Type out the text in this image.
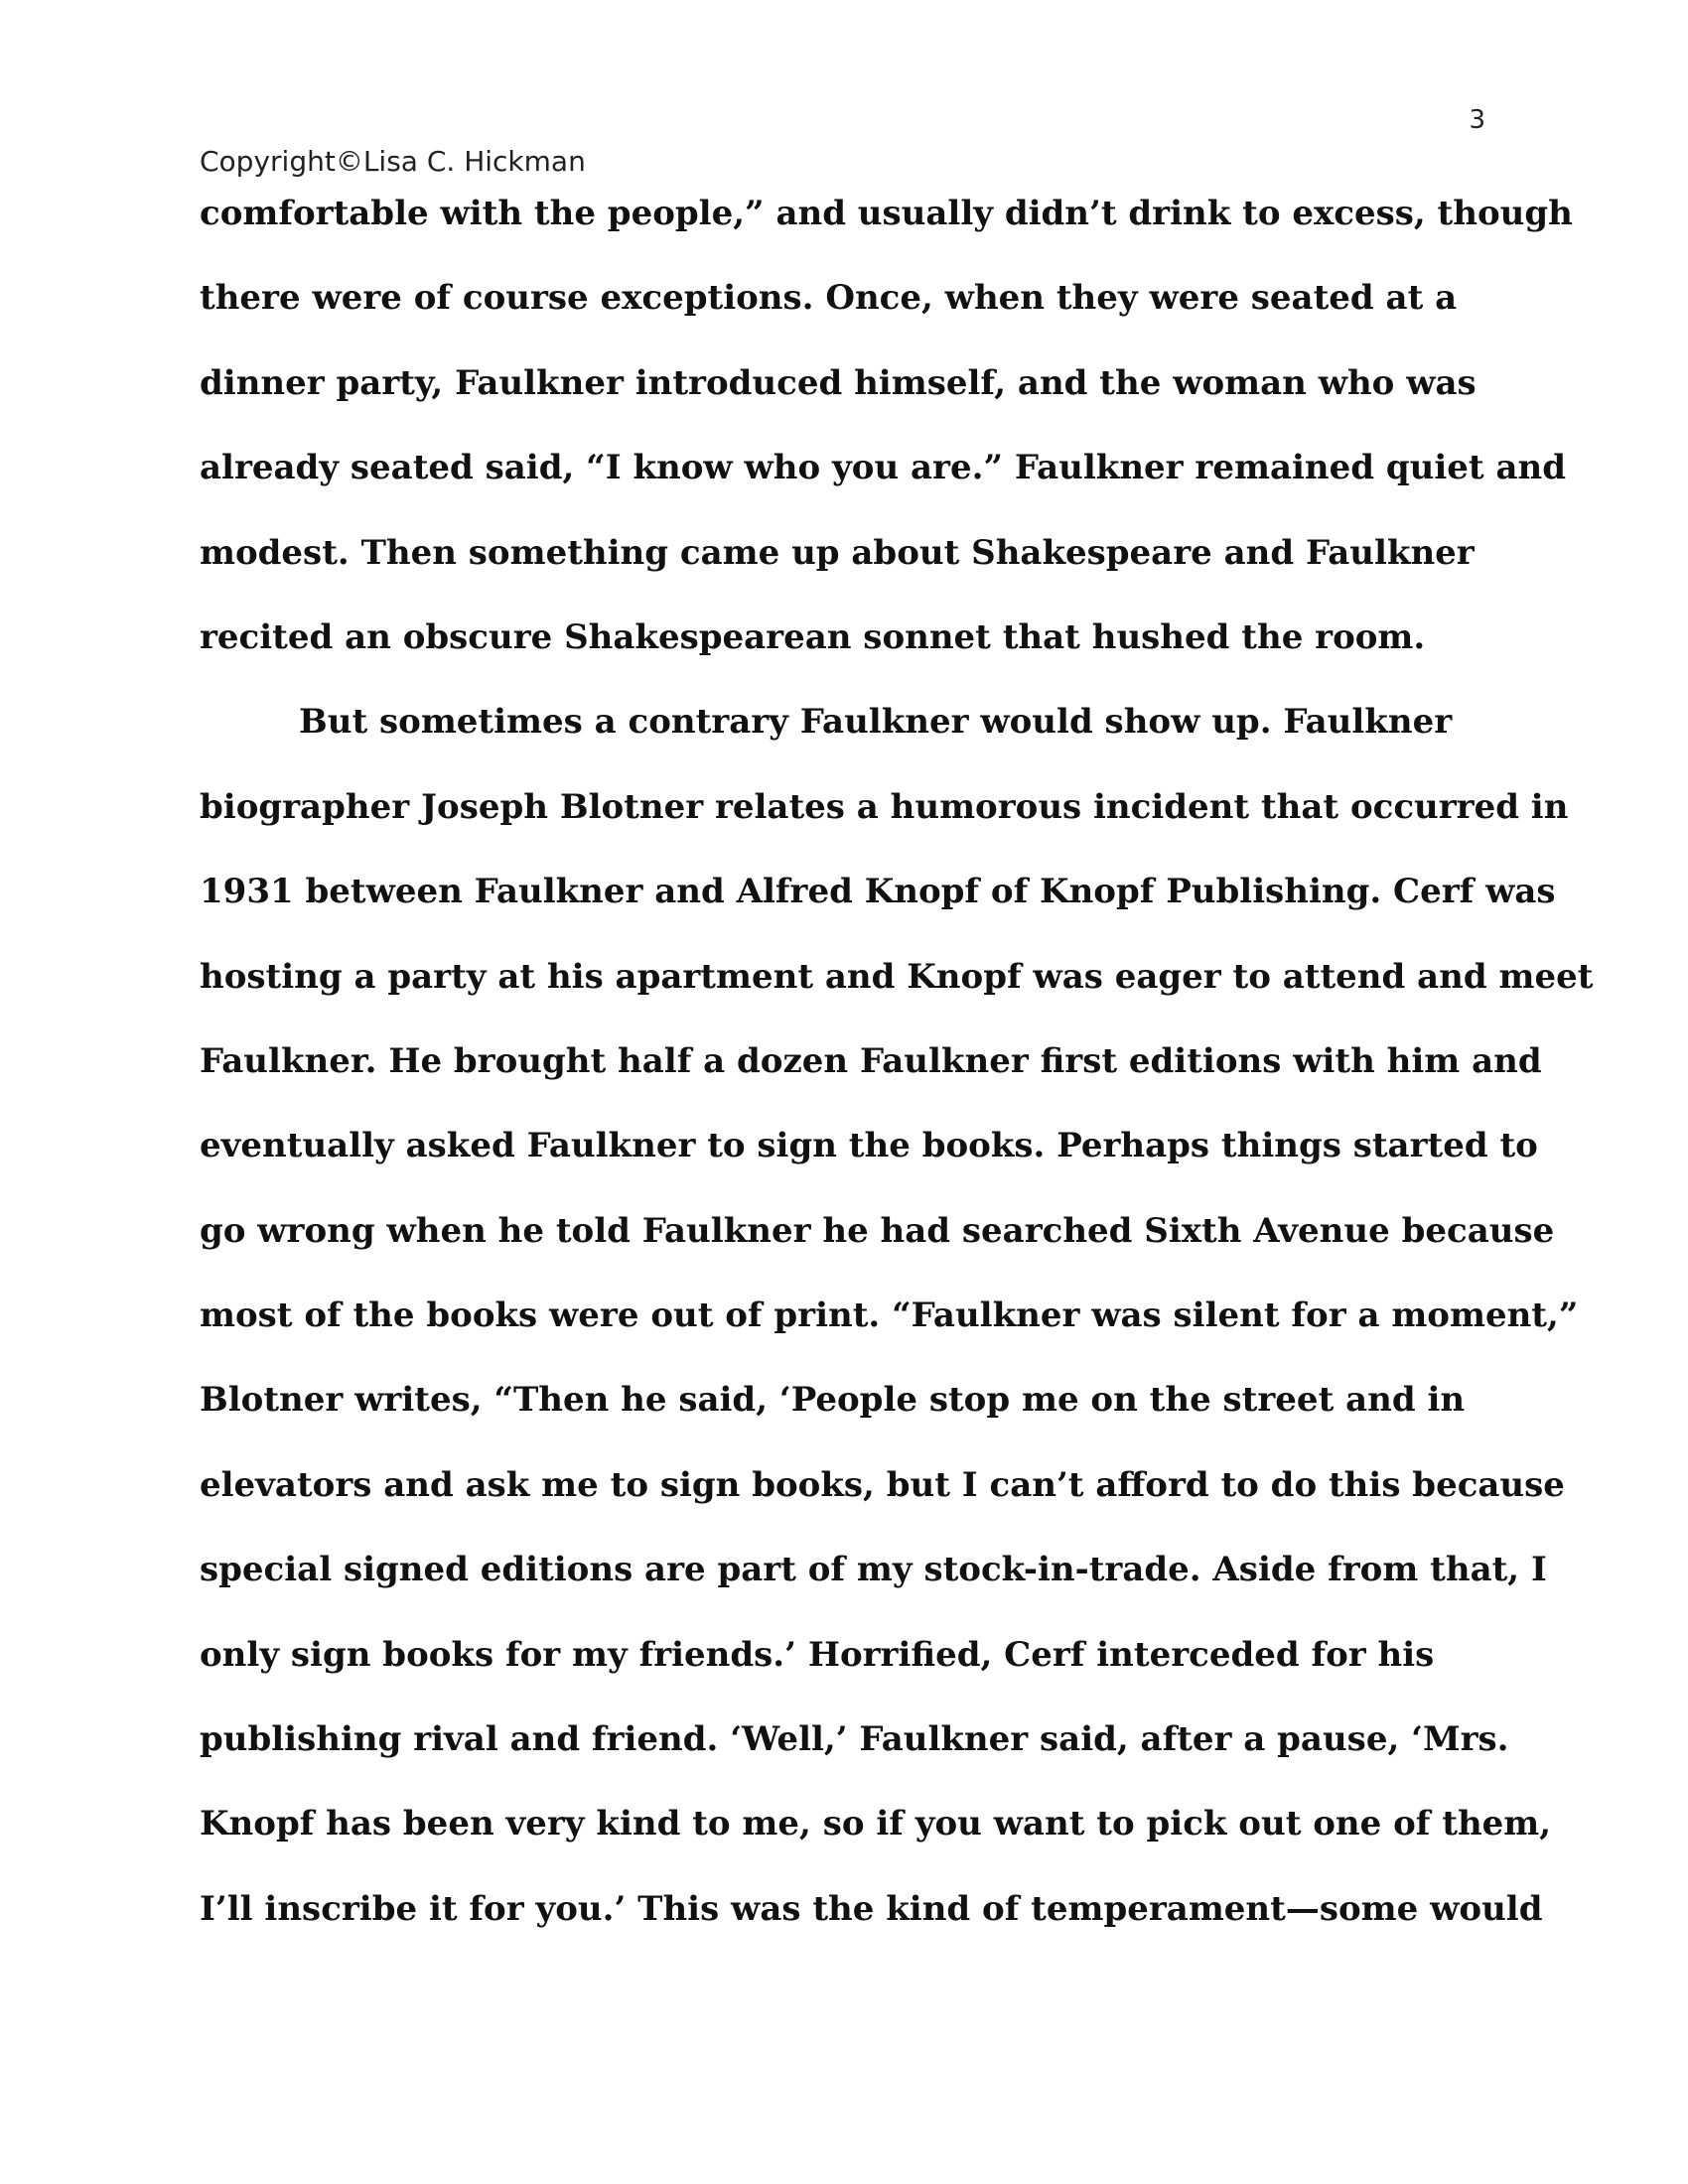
3
Copyright©Lisa C. Hickman
comfortable with the people,” and usually didn’t drink to excess, though
there were of course exceptions. Once, when they were seated at a
dinner party, Faulkner introduced himself, and the woman who was
already seated said, “I know who you are.” Faulkner remained quiet and
modest. Then something came up about Shakespeare and Faulkner
recited an obscure Shakespearean sonnet that hushed the room.
But sometimes a contrary Faulkner would show up. Faulkner
biographer Joseph Blotner relates a humorous incident that occurred in
1931 between Faulkner and Alfred Knopf of Knopf Publishing. Cerf was
hosting a party at his apartment and Knopf was eager to attend and meet
Faulkner. He brought half a dozen Faulkner first editions with him and
eventually asked Faulkner to sign the books. Perhaps things started to
go wrong when he told Faulkner he had searched Sixth Avenue because
most of the books were out of print. “Faulkner was silent for a moment,”
Blotner writes, “Then he said, ‘People stop me on the street and in
elevators and ask me to sign books, but I can’t afford to do this because
special signed editions are part of my stock-in-trade. Aside from that, I
only sign books for my friends.’ Horrified, Cerf interceded for his
publishing rival and friend. ‘Well,’ Faulkner said, after a pause, ‘Mrs.
Knopf has been very kind to me, so if you want to pick out one of them,
I’ll inscribe it for you.’ This was the kind of temperament—some would
